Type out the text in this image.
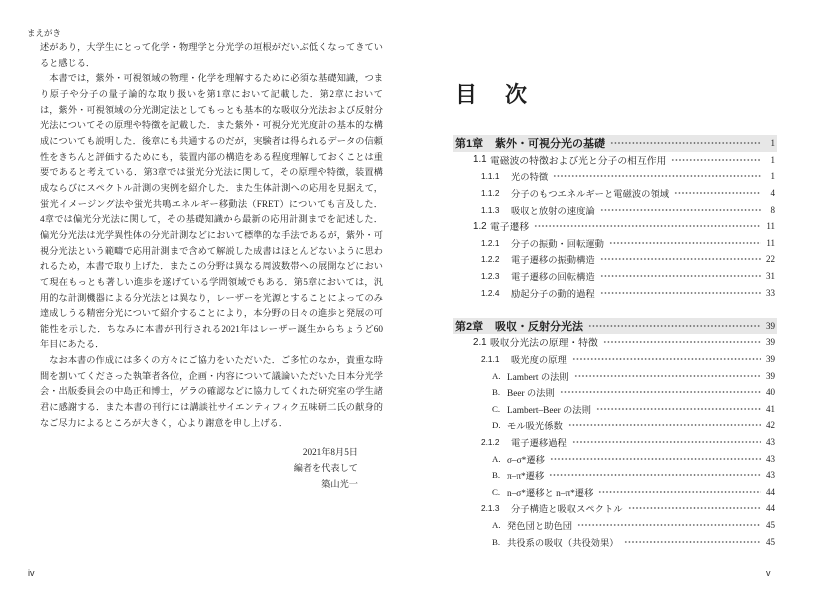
まえがき
述があり，大学生にとって化学・物理学と分光学の垣根がだいぶ低くなってきてい
ると感じる．
本書では，紫外・可視領域の物理・化学を理解するために必須な基礎知識，つま
り原子や分子の量子論的な取り扱いを第1章において記載した．第2章において
は，紫外・可視領域の分光測定法としてもっとも基本的な吸収分光法および反射分
光法についてその原理や特徴を記載した．また紫外・可視分光光度計の基本的な構
成についても説明した．後章にも共通するのだが，実験者は得られるデータの信頼
性をきちんと評価するためにも，装置内部の構造をある程度理解しておくことは重
要であると考えている．第3章では蛍光分光法に関して，その原理や特徴，装置構
成ならびにスペクトル計測の実例を紹介した．また生体計測への応用を見据えて，
蛍光イメージング法や蛍光共鳴エネルギー移動法（FRET）についても言及した．
4章では偏光分光法に関して，その基礎知識から最新の応用計測までを記述した．
偏光分光法は光学異性体の分光計測などにおいて標準的な手法であるが，紫外・可
視分光法という範疇で応用計測まで含めて解説した成書はほとんどないように思わ
れるため，本書で取り上げた．またこの分野は異なる周波数帯への展開などにおい
て現在もっとも著しい進歩を遂げている学問領域でもある．第5章においては，汎
用的な計測機器による分光法とは異なり，レーザーを光源とすることによってのみ
達成しうる精密分光について紹介することにより，本分野の日々の進歩と発展の可
能性を示した．ちなみに本書が刊行される2021年はレーザー誕生からちょうど60
年目にあたる．
なお本書の作成には多くの方々にご協力をいただいた．ご多忙のなか，貴重な時
間を割いてくださった執筆者各位，企画・内容について議論いただいた日本分光学
会・出版委員会の中島正和博士，ゲラの確認などに協力してくれた研究室の学生諸
君に感謝する．また本書の刊行には講談社サイエンティフィク五味研二氏の献身的
なご尽力によるところが大きく，心より謝意を申し上げる．
2021年8月5日
編者を代表して
築山光一
iv
目次
第1章	紫外・可視分光の基礎	1
1.1 電磁波の特徴および光と分子の相互作用	1
1.1.1	光の特徴	1
1.1.2	分子のもつエネルギーと電磁波の領域	4
1.1.3	吸収と放射の速度論	8
1.2 電子遷移	11
1.2.1	分子の振動・回転運動	11
1.2.2	電子遷移の振動構造	22
1.2.3	電子遷移の回転構造	31
1.2.4	励起分子の動的過程	33
第2章	吸収・反射分光法	39
2.1 吸収分光法の原理・特徴	39
2.1.1	吸光度の原理	39
A. Lambert の法則	39
B. Beer の法則	40
C. Lambert–Beer の法則	41
D. モル吸光係数	42
2.1.2	電子遷移過程	43
A. σ–σ*遷移	43
B. π–π*遷移	43
C. n–σ*遷移と n–π*遷移	44
2.1.3	分子構造と吸収スペクトル	44
A. 発色団と助色団	45
B. 共役系の吸収（共役効果）	45
v
